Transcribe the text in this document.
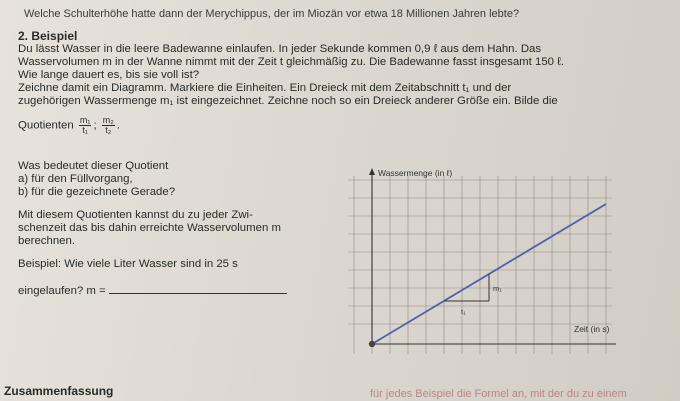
Welche Schulterhöhe hatte dann der Merychippus, der im Miozän vor etwa 18 Millionen Jahren lebte?
2. Beispiel
Du lässt Wasser in die leere Badewanne einlaufen. In jeder Sekunde kommen 0,9 ℓ aus dem Hahn. Das
Wasservolumen m in der Wanne nimmt mit der Zeit t gleichmäßig zu. Die Badewanne fasst insgesamt 150 ℓ.
Wie lange dauert es, bis sie voll ist?
Zeichne damit ein Diagramm. Markiere die Einheiten. Ein Dreieck mit dem Zeitabschnitt t₁ und der
zugehörigen Wassermenge m₁ ist eingezeichnet. Zeichne noch so ein Dreieck anderer Größe ein. Bilde die
Quotienten $\frac{\text{m₁}}{\text{t₁}}$ ; $\frac{\text{m₂}}{\text{t₂}}$ .
Was bedeutet dieser Quotient
a) für den Füllvorgang,
b) für die gezeichnete Gerade?
Mit diesem Quotienten kannst du zu jeder Zwi-
schenzeit das bis dahin erreichte Wasservolumen m
berechnen.
Beispiel: Wie viele Liter Wasser sind in 25 s
eingelaufen? m =
Wassermenge (in ℓ)
Zeit (in s)
m₁
t₁
Zusammenfassung	für jedes Beispiel die Formel an, mit der du zu einem
